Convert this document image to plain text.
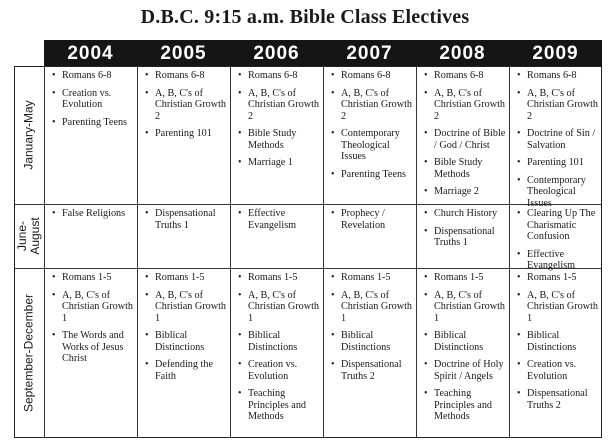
D.B.C. 9:15 a.m. Bible Class Electives
2004	2005	2006	2007	2008	2009
January-May
• Romans 6-8
• Creation vs. Evolution
• Parenting Teens
• Romans 6-8
• A, B, C's of Christian Growth 2
• Parenting 101
• Romans 6-8
• A, B, C's of Christian Growth 2
• Bible Study Methods
• Marriage 1
• Romans 6-8
• A, B, C's of Christian Growth 2
• Contemporary Theological Issues
• Parenting Teens
• Romans 6-8
• A, B, C's of Christian Growth 2
• Doctrine of Bible / God / Christ
• Bible Study Methods
• Marriage 2
• Romans 6-8
• A, B, C's of Christian Growth 2
• Doctrine of Sin / Salvation
• Parenting 101
• Contemporary Theological Issues
June-
August
• False Religions
•	Dispensational Truths 1
• Effective Evangelism
• Prophecy / Revelation
• Church History
• Dispensational Truths 1
• Clearing Up The Charismatic Confusion
• Effective Evangelism
September-December
• Romans 1-5
• A, B, C's of Christian Growth 1
• The Words and Works of Jesus Christ
• Romans 1-5
• A, B, C's of Christian Growth 1
• Biblical Distinctions
• Defending the Faith
• Romans 1-5
• A, B, C's of Christian Growth 1
• Biblical Distinctions
• Creation vs. Evolution
• Teaching Principles and Methods
• Romans 1-5
• A, B, C's of Christian Growth 1
• Biblical Distinctions
• Dispensational Truths 2
• Romans 1-5
• A, B, C's of Christian Growth 1
• Biblical Distinctions
• Doctrine of Holy Spirit / Angels
• Teaching Principles and Methods
• Romans 1-5
• A, B, C's of Christian Growth 1
• Biblical Distinctions
• Creation vs. Evolution
• Dispensational Truths 2
